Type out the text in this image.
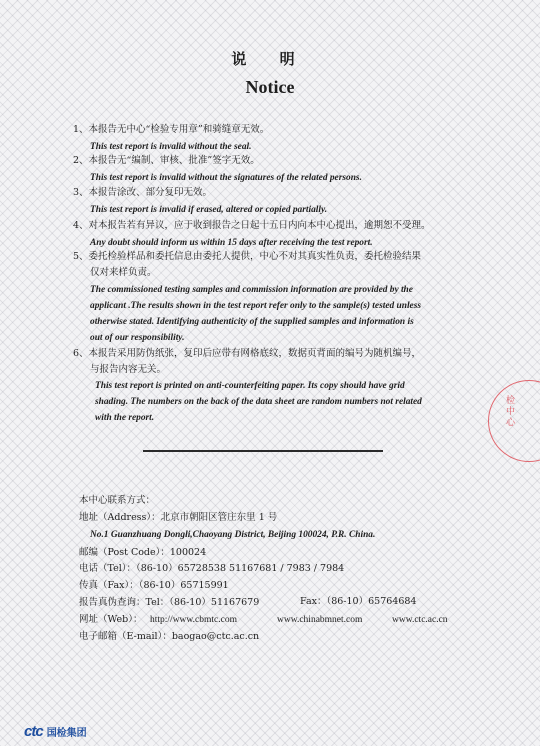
说 明
Notice
1、本报告无中心“检验专用章”和骑缝章无效。
This test report is invalid without the seal.
2、本报告无“编制、审核、批准”签字无效。
This test report is invalid without the signatures of the related persons.
3、本报告涂改、部分复印无效。
This test report is invalid if erased, altered or copied partially.
4、对本报告若有异议，应于收到报告之日起十五日内向本中心提出，逾期恕不受理。
Any doubt should inform us within 15 days after receiving the test report.
5、委托检验样品和委托信息由委托人提供，中心不对其真实性负责，委托检验结果
仅对来样负责。
The commissioned testing samples and commission information are provided by the
applicant .The results shown in the test report refer only to the sample(s) tested unless
otherwise stated. Identifying authenticity of the supplied samples and information is
out of our responsibility.
6、本报告采用防伪纸张，复印后应带有网格底纹，数据页背面的编号为随机编号，
与报告内容无关。
This test report is printed on anti-counterfeiting paper. Its copy should have grid
shading. The numbers on the back of the data sheet are random numbers not related
with the report.	检中心
本中心联系方式：
地址（Address）：北京市朝阳区管庄东里 1 号
No.1 Guanzhuang Dongli,Chaoyang District, Beijing 100024, P.R. China.
邮编（Post Code）：100024
电话（Tel）：（86-10）65728538 51167681 / 7983 / 7984
传真（Fax）：（86-10）65715991
报告真伪查询：Tel：（86-10）51167679	Fax：（86-10）65764684
网址（Web）： http://www.cbmtc.com	www.chinabmnet.com	www.ctc.ac.cn
电子邮箱（E-mail）：baogao@ctc.ac.cn
ctc 国检集团
